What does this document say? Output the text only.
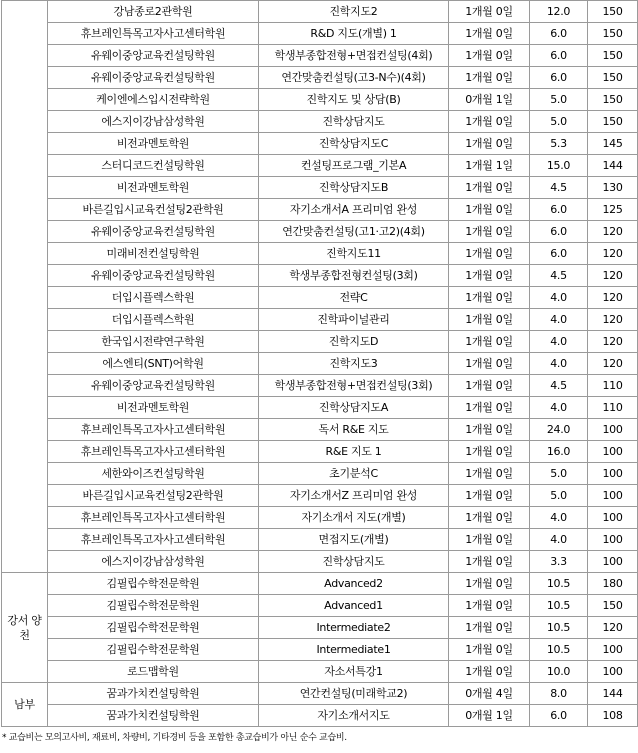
	강남종로2관학원	진학지도2	1개월 0일	12.0	150
	휴브레인특목고자사고센터학원	R&D 지도(개별) 1	1개월 0일	6.0	150
	유웨이중앙교육컨설팅학원	학생부종합전형+면접컨설팅(4회)	1개월 0일	6.0	150
	유웨이중앙교육컨설팅학원	연간맞춤컨설팅(고3-N수)(4회)	1개월 0일	6.0	150
	케이엔에스입시전략학원	진학지도 및 상담(B)	0개월 1일	5.0	150
	에스지이강남삼성학원	진학상담지도	1개월 0일	5.0	150
	비전과멘토학원	진학상담지도C	1개월 0일	5.3	145
	스터디코드컨설팅학원	컨설팅프로그램_기본A	1개월 1일	15.0	144
	비전과멘토학원	진학상담지도B	1개월 0일	4.5	130
	바른길입시교육컨설팅2관학원	자기소개서A 프리미엄 완성	1개월 0일	6.0	125
	유웨이중앙교육컨설팅학원	연간맞춤컨설팅(고1·고2)(4회)	1개월 0일	6.0	120
	미래비전컨설팅학원	진학지도11	1개월 0일	6.0	120
	유웨이중앙교육컨설팅학원	학생부종합전형컨설팅(3회)	1개월 0일	4.5	120
	더입시플렉스학원	전략C	1개월 0일	4.0	120
	더입시플렉스학원	진학파이널관리	1개월 0일	4.0	120
	한국입시전략연구학원	진학지도D	1개월 0일	4.0	120
	에스엔티(SNT)어학원	진학지도3	1개월 0일	4.0	120
	유웨이중앙교육컨설팅학원	학생부종합전형+면접컨설팅(3회)	1개월 0일	4.5	110
	비전과멘토학원	진학상담지도A	1개월 0일	4.0	110
	휴브레인특목고자사고센터학원	독서 R&E 지도	1개월 0일	24.0	100
	휴브레인특목고자사고센터학원	R&E 지도 1	1개월 0일	16.0	100
	세한와이즈컨설팅학원	초기분석C	1개월 0일	5.0	100
	바른길입시교육컨설팅2관학원	자기소개서Z 프리미엄 완성	1개월 0일	5.0	100
	휴브레인특목고자사고센터학원	자기소개서 지도(개별)	1개월 0일	4.0	100
	휴브레인특목고자사고센터학원	면접지도(개별)	1개월 0일	4.0	100
	에스지이강남삼성학원	진학상담지도	1개월 0일	3.3	100
강서 양천	김필립수학전문학원	Advanced2	1개월 0일	10.5	180
	김필립수학전문학원	Advanced1	1개월 0일	10.5	150
	김필립수학전문학원	Intermediate2	1개월 0일	10.5	120
	김필립수학전문학원	Intermediate1	1개월 0일	10.5	100
	로드맵학원	자소서특강1	1개월 0일	10.0	100
남부	꿈과가치컨설팅학원	연간컨설팅(미래학교2)	0개월 4일	8.0	144
	꿈과가치컨설팅학원	자기소개서지도	0개월 1일	6.0	108
* 교습비는 모의고사비, 재료비, 차량비, 기타경비 등을 포함한 총교습비가 아닌 순수 교습비.
